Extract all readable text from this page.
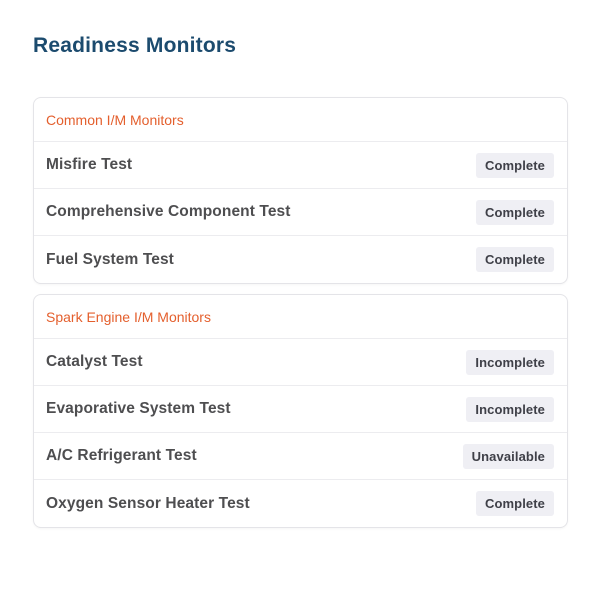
Readiness Monitors
Common I/M Monitors
Misfire Test	Complete
Comprehensive Component Test	Complete
Fuel System Test	Complete
Spark Engine I/M Monitors
Catalyst Test	Incomplete
Evaporative System Test	Incomplete
A/C Refrigerant Test	Unavailable
Oxygen Sensor Heater Test	Complete
